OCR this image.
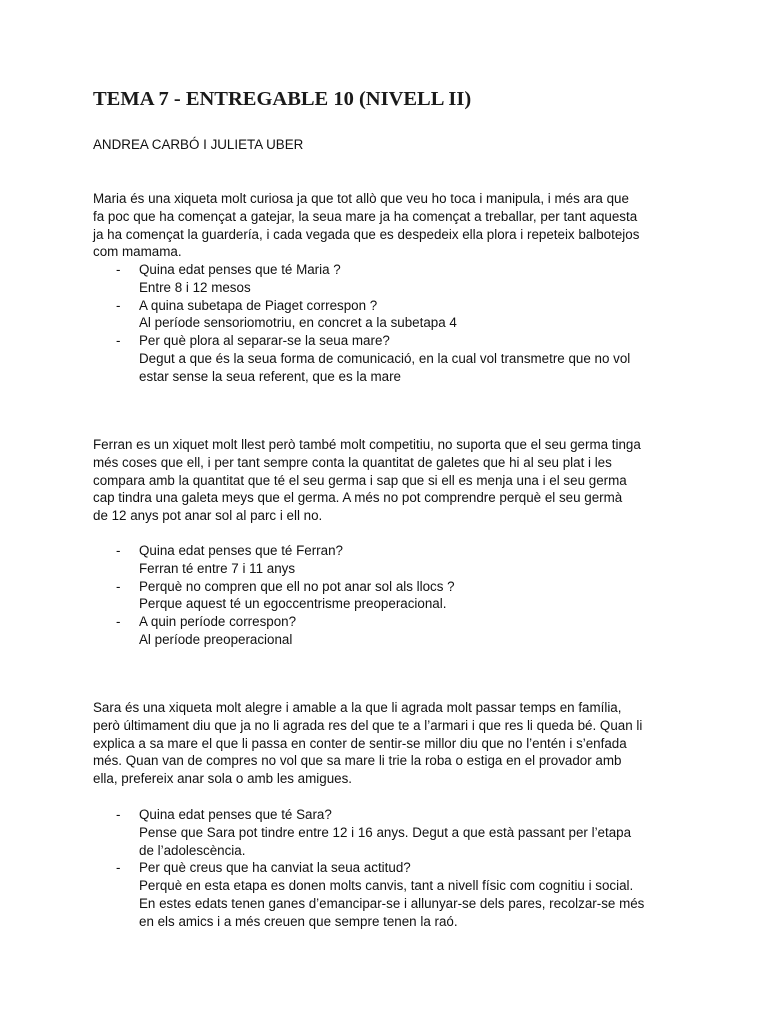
TEMA 7 - ENTREGABLE 10 (NIVELL II)
ANDREA CARBÓ I JULIETA UBER
Maria és una xiqueta molt curiosa ja que tot allò que veu ho toca i manipula, i més ara que
fa poc que ha començat a gatejar, la seua mare ja ha començat a treballar, per tant aquesta
ja ha començat la guardería, i cada vegada que es despedeix ella plora i repeteix balbotejos
com mamama.
- Quina edat penses que té Maria ?
Entre 8 i 12 mesos
- A quina subetapa de Piaget correspon ?
Al període sensoriomotriu, en concret a la subetapa 4
- Per què plora al separar-se la seua mare?
Degut a que és la seua forma de comunicació, en la cual vol transmetre que no vol
estar sense la seua referent, que es la mare
Ferran es un xiquet molt llest però també molt competitiu, no suporta que el seu germa tinga
més coses que ell, i per tant sempre conta la quantitat de galetes que hi al seu plat i les
compara amb la quantitat que té el seu germa i sap que si ell es menja una i el seu germa
cap tindra una galeta meys que el germa. A més no pot comprendre perquè el seu germà
de 12 anys pot anar sol al parc i ell no.
- Quina edat penses que té Ferran?
Ferran té entre 7 i 11 anys
- Perquè no compren que ell no pot anar sol als llocs ?
Perque aquest té un egoccentrisme preoperacional.
- A quin període correspon?
Al període preoperacional
Sara és una xiqueta molt alegre i amable a la que li agrada molt passar temps en família,
però últimament diu que ja no li agrada res del que te a l’armari i que res li queda bé. Quan li
explica a sa mare el que li passa en conter de sentir-se millor diu que no l’entén i s’enfada
més. Quan van de compres no vol que sa mare li trie la roba o estiga en el provador amb
ella, prefereix anar sola o amb les amigues.
- Quina edat penses que té Sara?
Pense que Sara pot tindre entre 12 i 16 anys. Degut a que està passant per l’etapa
de l’adolescència.
- Per què creus que ha canviat la seua actitud?
Perquè en esta etapa es donen molts canvis, tant a nivell físic com cognitiu i social.
En estes edats tenen ganes d’emancipar-se i allunyar-se dels pares, recolzar-se més
en els amics i a més creuen que sempre tenen la raó.
